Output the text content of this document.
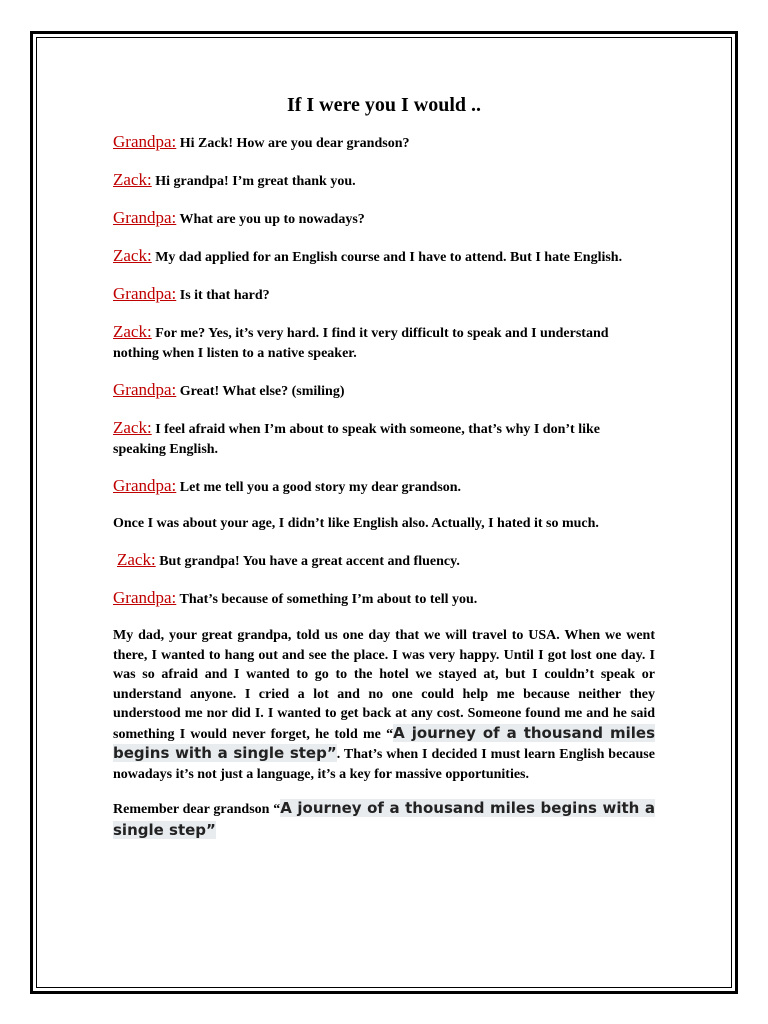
If I were you I would ..

Grandpa: Hi Zack! How are you dear grandson?

Zack: Hi grandpa! I’m great thank you.

Grandpa: What are you up to nowadays?

Zack: My dad applied for an English course and I have to attend. But I hate English.

Grandpa: Is it that hard?

Zack: For me? Yes, it’s very hard. I find it very difficult to speak and I understand nothing when I listen to a native speaker.

Grandpa: Great! What else? (smiling)

Zack: I feel afraid when I’m about to speak with someone, that’s why I don’t like speaking English.

Grandpa: Let me tell you a good story my dear grandson.

Once I was about your age, I didn’t like English also. Actually, I hated it so much.

Zack: But grandpa! You have a great accent and fluency.

Grandpa: That’s because of something I’m about to tell you.

My dad, your great grandpa, told us one day that we will travel to USA. When we went there, I wanted to hang out and see the place. I was very happy. Until I got lost one day. I was so afraid and I wanted to go to the hotel we stayed at, but I couldn’t speak or understand anyone. I cried a lot and no one could help me because neither they understood me nor did I. I wanted to get back at any cost. Someone found me and he said something I would never forget, he told me “A journey of a thousand miles begins with a single step”. That’s when I decided I must learn English because nowadays it’s not just a language, it’s a key for massive opportunities.

Remember dear grandson “A journey of a thousand miles begins with a single step”
